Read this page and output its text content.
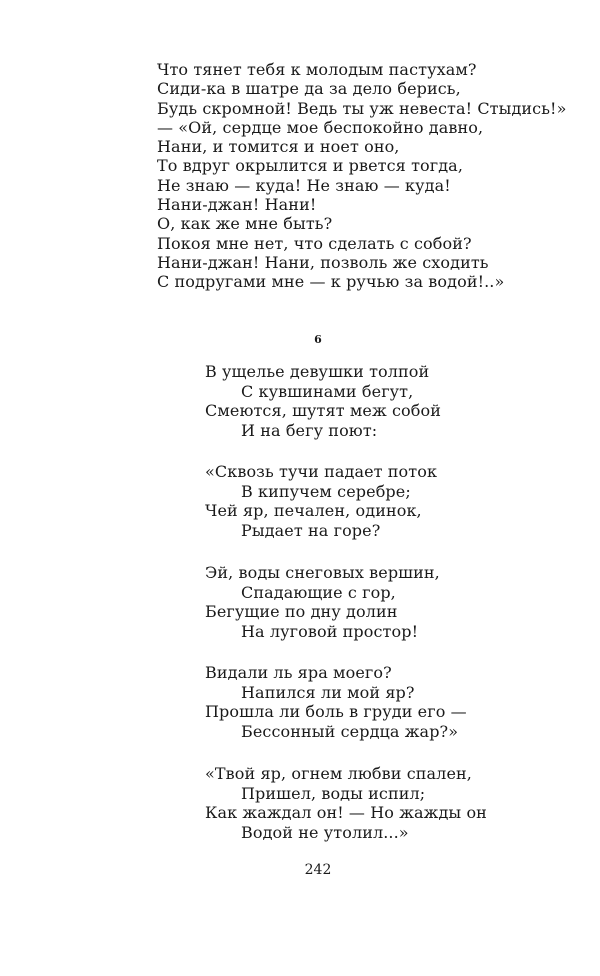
Что тянет тебя к молодым пастухам?
Сиди-ка в шатре да за дело берись,
Будь скромной! Ведь ты уж невеста! Стыдись!»
— «Ой, сердце мое беспокойно давно,
Нани, и томится и ноет оно,
То вдруг окрылится и рвется тогда,
Не знаю — куда! Не знаю — куда!
Нани-джан! Нани!
О, как же мне быть?
Покоя мне нет, что сделать с собой?
Нани-джан! Нани, позволь же сходить
С подругами мне — к ручью за водой!..»
6
В ущелье девушки толпой
С кувшинами бегут,
Смеются, шутят меж собой
И на бегу поют:
«Сквозь тучи падает поток
В кипучем серебре;
Чей яр, печален, одинок,
Рыдает на горе?
Эй, воды снеговых вершин,
Спадающие с гор,
Бегущие по дну долин
На луговой простор!
Видали ль яра моего?
Напился ли мой яр?
Прошла ли боль в груди его —
Бессонный сердца жар?»
«Твой яр, огнем любви спален,
Пришел, воды испил;
Как жаждал он! — Но жажды он
Водой не утолил...»
242
